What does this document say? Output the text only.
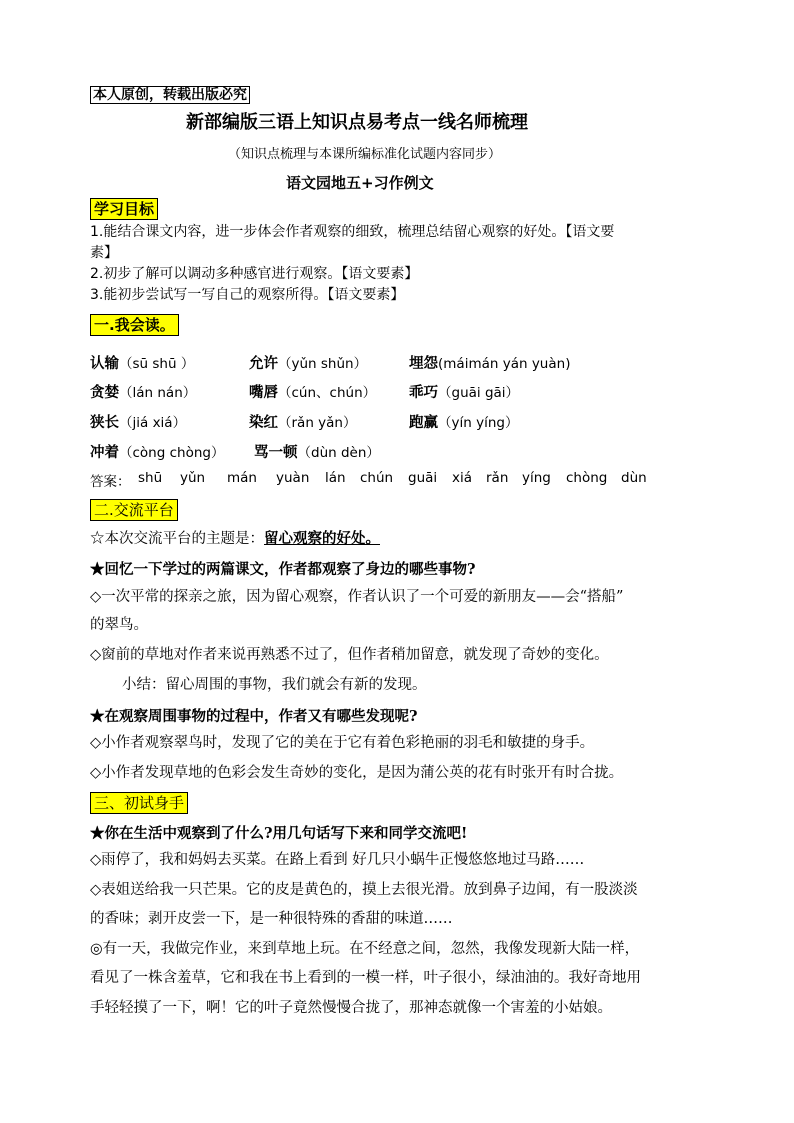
本人原创，转载出版必究
新部编版三语上知识点易考点一线名师梳理
（知识点梳理与本课所编标准化试题内容同步）
语文园地五+习作例文
学习目标
1.能结合课文内容，进一步体会作者观察的细致，梳理总结留心观察的好处。【语文要
素】
2.初步了解可以调动多种感官进行观察。【语文要素】
3.能初步尝试写一写自己的观察所得。【语文要素】
一.我会读。
认输（sū shū ）	允许（yǔn shǔn）	埋怨(máimán yán yuàn)
贪婪（lán nán）	嘴唇（cún、chún） 乖巧（guāi gāi）
狭长（jiá xiá）	染红（rǎn yǎn）	跑赢（yín yíng）
冲着（còng chòng） 骂一顿（dùn dèn）
答案： shū yǔn mán yuàn lán chún guāi xiá rǎn yíng chòng dùn
二.交流平台
☆本次交流平台的主题是：留心观察的好处。
★回忆一下学过的两篇课文，作者都观察了身边的哪些事物?
◇一次平常的探亲之旅，因为留心观察，作者认识了一个可爱的新朋友——会“搭船”
的翠鸟。
◇窗前的草地对作者来说再熟悉不过了，但作者稍加留意，就发现了奇妙的变化。
小结：留心周围的事物，我们就会有新的发现。
★在观察周围事物的过程中，作者又有哪些发现呢?
◇小作者观察翠鸟时，发现了它的美在于它有着色彩艳丽的羽毛和敏捷的身手。
◇小作者发现草地的色彩会发生奇妙的变化，是因为蒲公英的花有时张开有时合拢。
三、初试身手
★你在生活中观察到了什么?用几句话写下来和同学交流吧!
◇雨停了，我和妈妈去买菜。在路上看到 好几只小蜗牛正慢悠悠地过马路……
◇表姐送给我一只芒果。它的皮是黄色的，摸上去很光滑。放到鼻子边闻，有一股淡淡
的香味；剥开皮尝一下，是一种很特殊的香甜的味道……
◎有一天，我做完作业，来到草地上玩。在不经意之间，忽然，我像发现新大陆一样，
看见了一株含羞草，它和我在书上看到的一模一样，叶子很小，绿油油的。我好奇地用
手轻轻摸了一下，啊！它的叶子竟然慢慢合拢了，那神态就像一个害羞的小姑娘。
